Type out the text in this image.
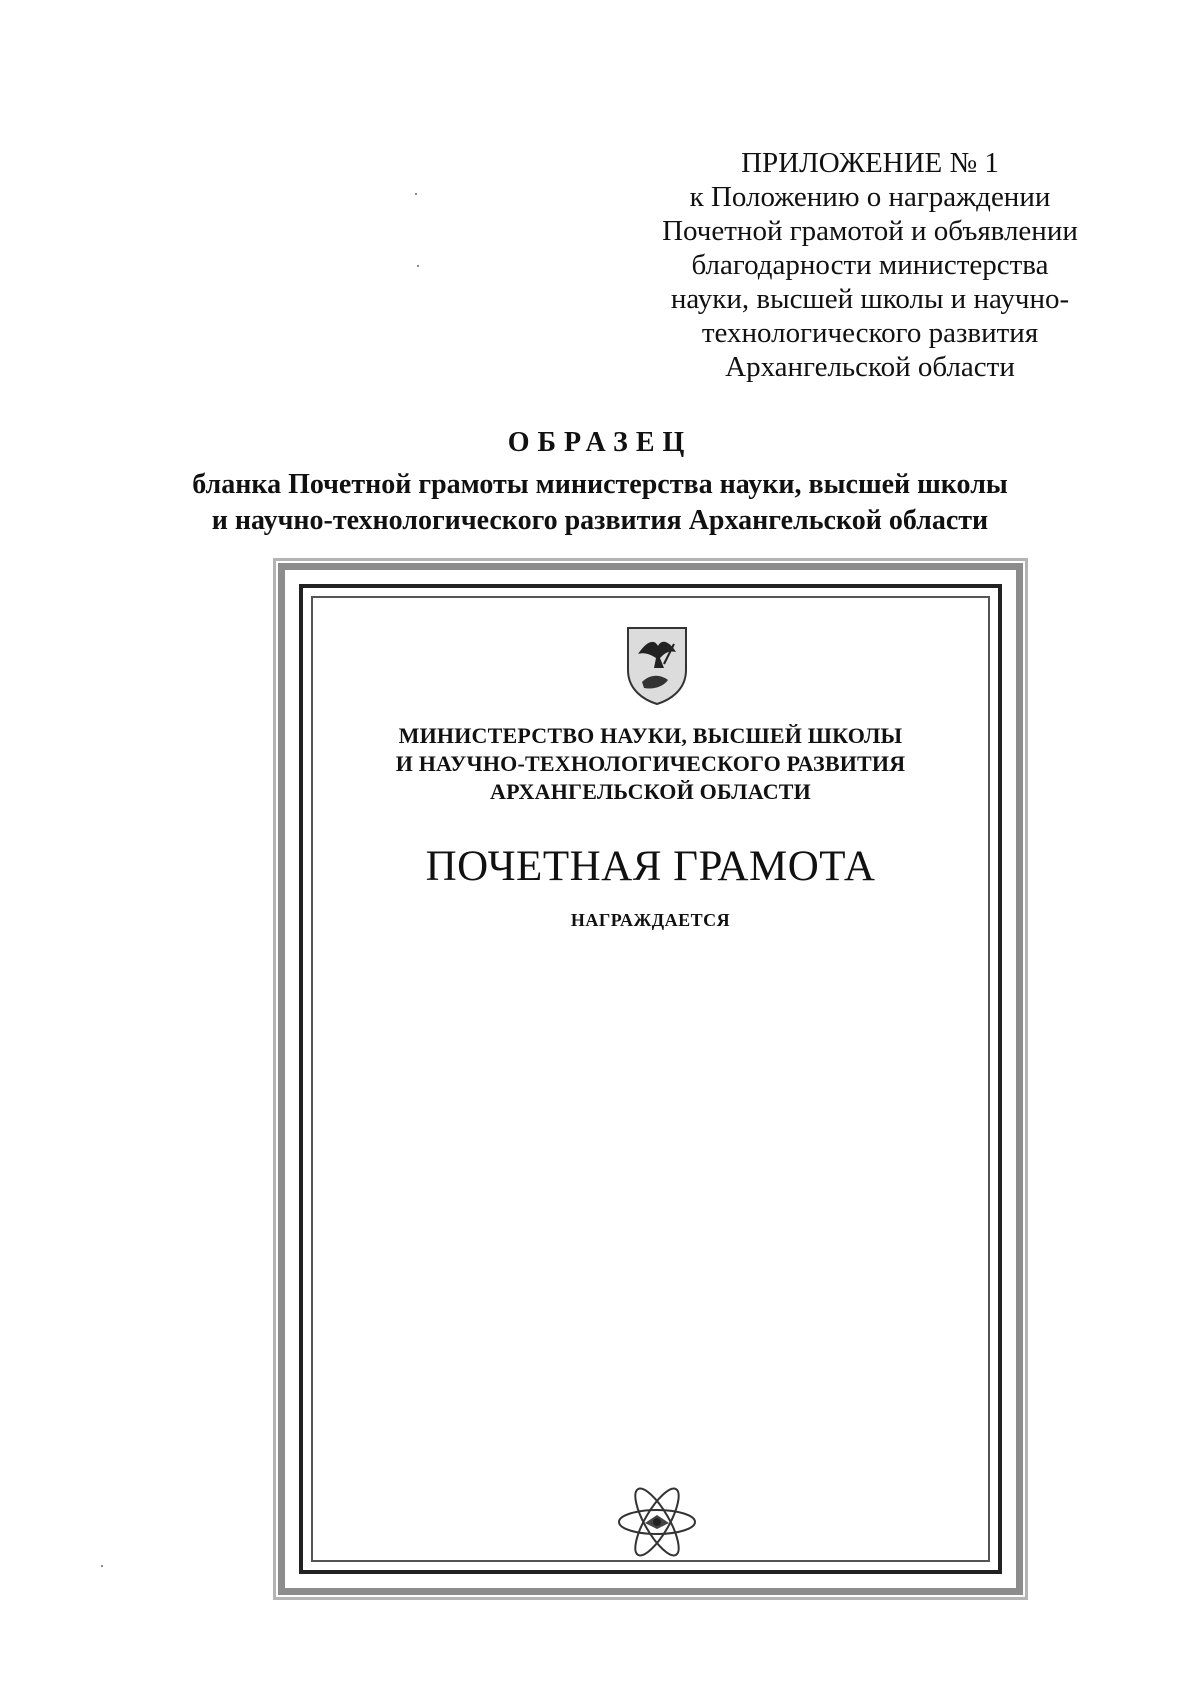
ПРИЛОЖЕНИЕ № 1
к Положению о награждении
Почетной грамотой и объявлении
благодарности министерства
науки, высшей школы и научно-
технологического развития
Архангельской области
ОБРАЗЕЦ
бланка Почетной грамоты министерства науки, высшей школы
и научно-технологического развития Архангельской области
МИНИСТЕРСТВО НАУКИ, ВЫСШЕЙ ШКОЛЫ
И НАУЧНО-ТЕХНОЛОГИЧЕСКОГО РАЗВИТИЯ
АРХАНГЕЛЬСКОЙ ОБЛАСТИ
ПОЧЕТНАЯ ГРАМОТА
НАГРАЖДАЕТСЯ
